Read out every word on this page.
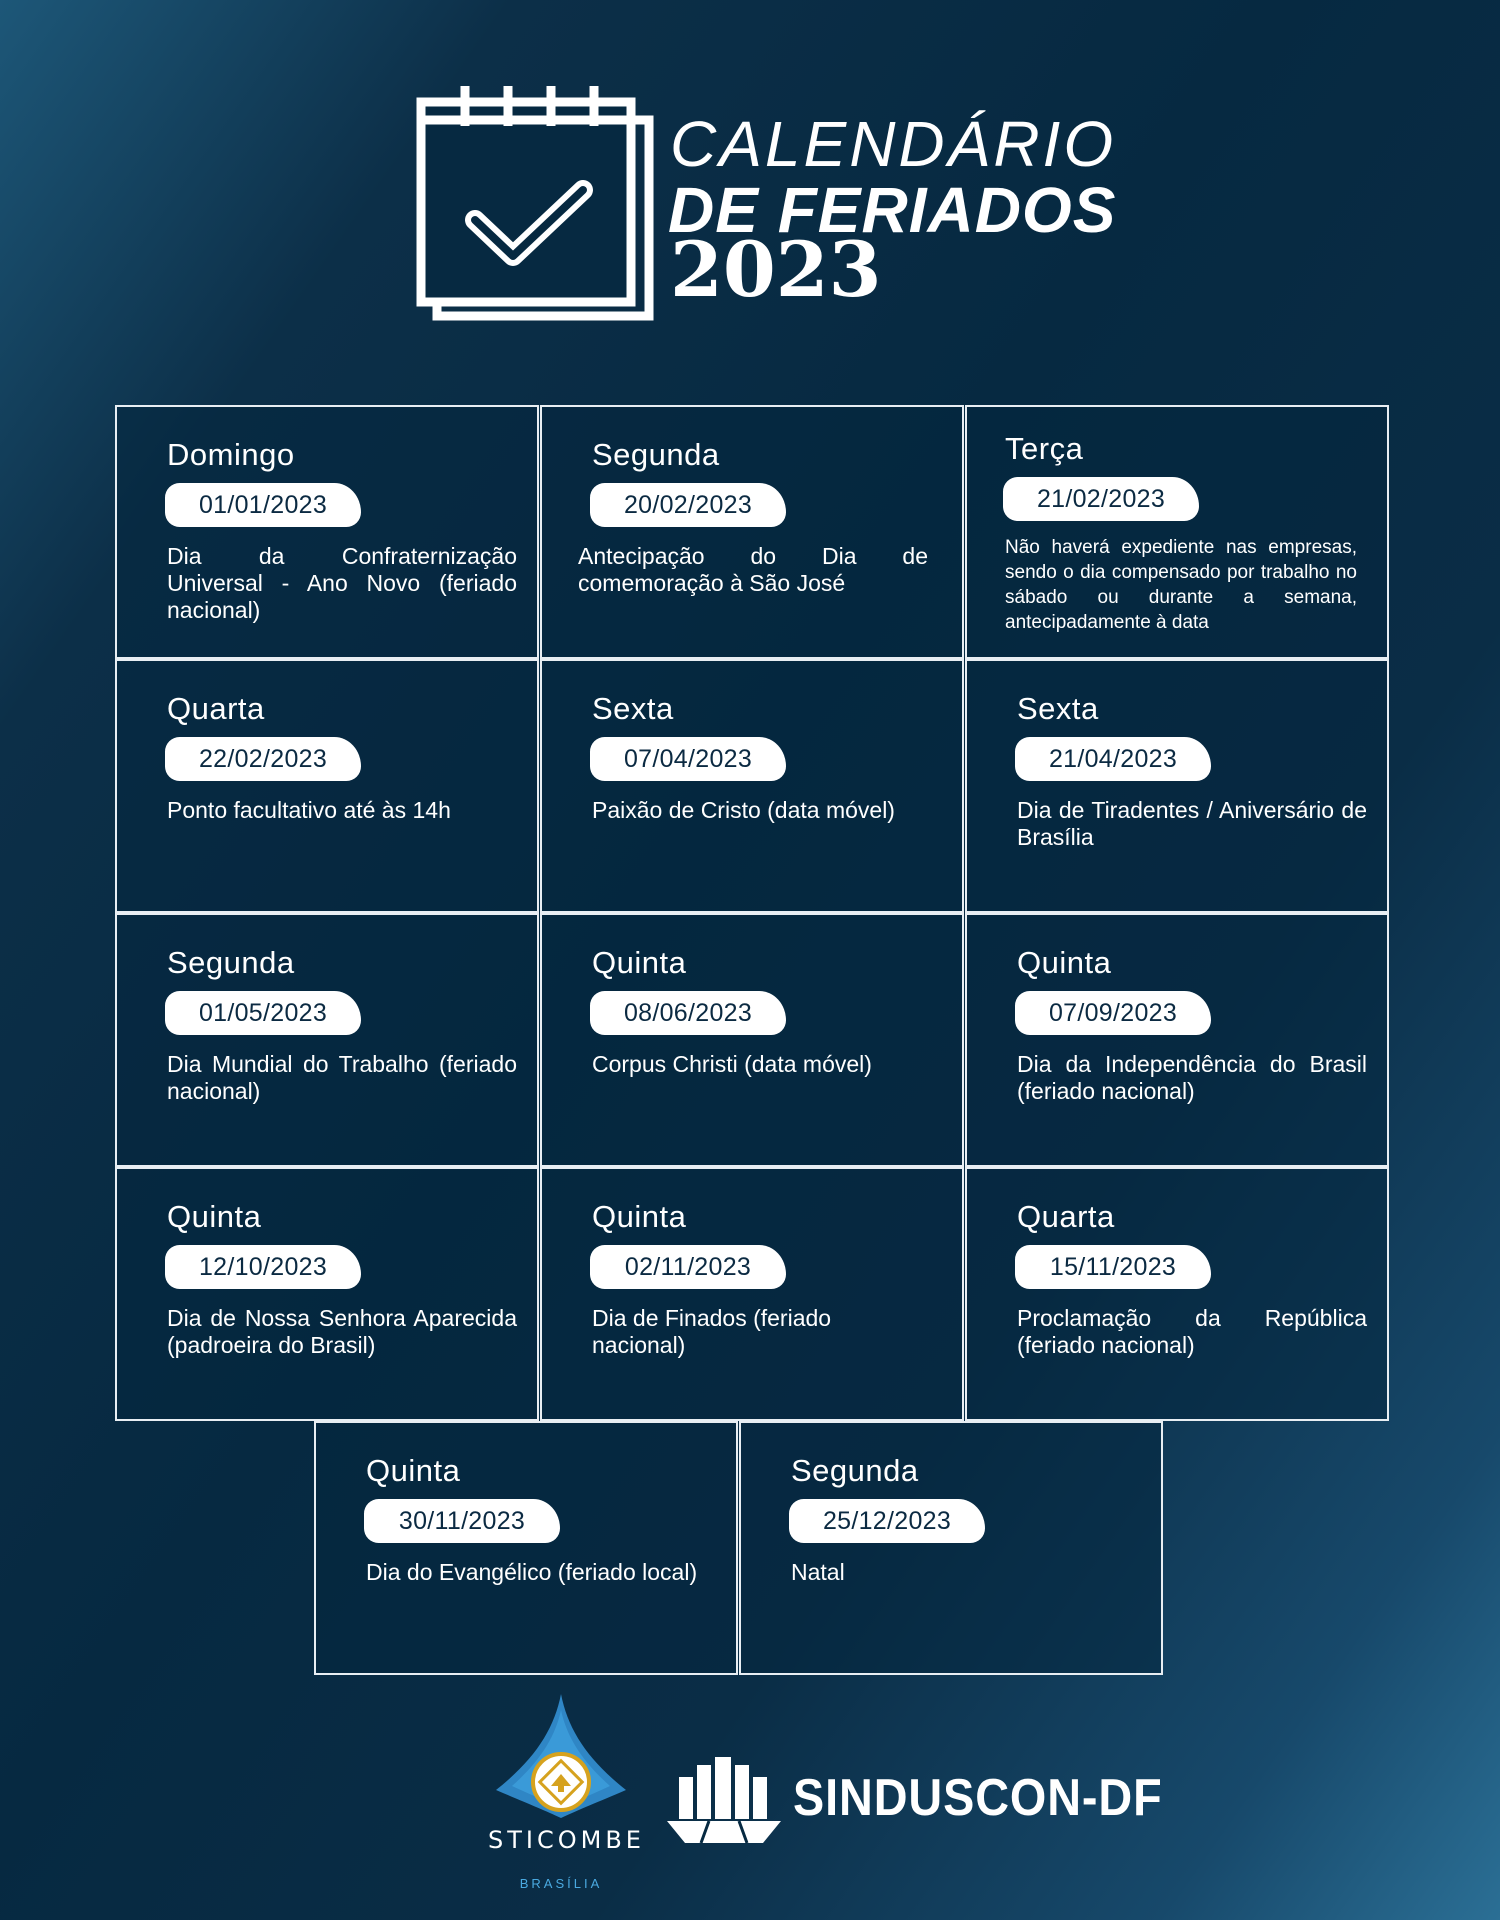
CALENDÁRIO
DE FERIADOS
2023
Domingo
01/01/2023
Dia da Confraternização Universal - Ano Novo (feriado nacional)
Segunda
20/02/2023
Antecipação do Dia de comemoração à São José
Terça
21/02/2023
Não haverá expediente nas empresas, sendo o dia compensado por trabalho no sábado ou durante a semana, antecipadamente à data
Quarta
22/02/2023
Ponto facultativo até às 14h
Sexta
07/04/2023
Paixão de Cristo (data móvel)
Sexta
21/04/2023
Dia de Tiradentes / Aniversário de Brasília
Segunda
01/05/2023
Dia Mundial do Trabalho (feriado nacional)
Quinta
08/06/2023
Corpus Christi (data móvel)
Quinta
07/09/2023
Dia da Independência do Brasil (feriado nacional)
Quinta
12/10/2023
Dia de Nossa Senhora Aparecida (padroeira do Brasil)
Quinta
02/11/2023
Dia de Finados (feriado nacional)
Quarta
15/11/2023
Proclamação da República (feriado nacional)
Quinta
30/11/2023
Dia do Evangélico (feriado local)
Segunda
25/12/2023
Natal
STICOMBE
BRASÍLIA
SINDUSCON-DF
